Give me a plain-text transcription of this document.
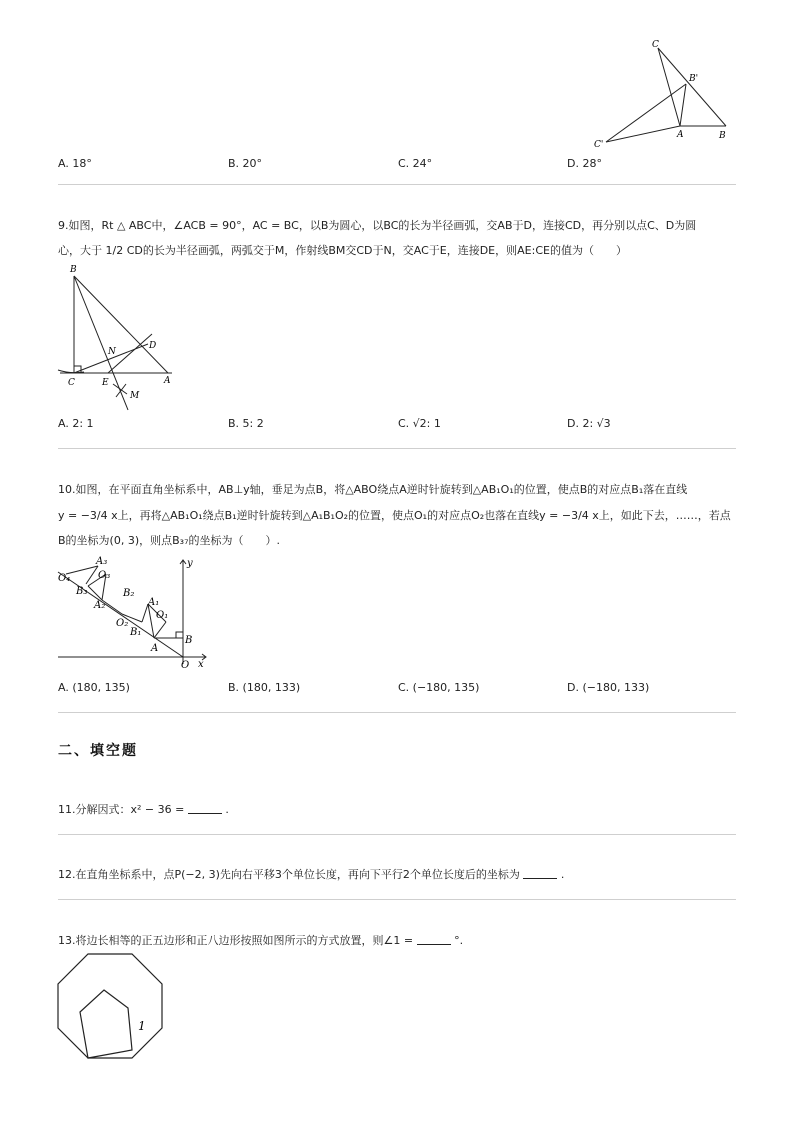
C
B'
C'
A	B
A. 18°	B. 20°	C. 24°	D. 28°
9.如图，Rt △ ABC中，∠ACB = 90°，AC = BC，以B为圆心，以BC的长为半径画弧，交AB于D，连接CD，再分别以点C、D为圆
心，大于 1/2 CD的长为半径画弧，两弧交于M，作射线BM交CD于N，交AC于E，连接DE，则AE:CE的值为（　　）
B
N
D
C	E	A
M
A. 2: 1	B. 5: 2	C. √2: 1	D. 2: √3
10.如图，在平面直角坐标系中，AB⊥y轴，垂足为点B，将△ABO绕点A逆时针旋转到△AB₁O₁的位置，使点B的对应点B₁落在直线
y = −3/4 x上，再将△AB₁O₁绕点B₁逆时针旋转到△A₁B₁O₂的位置，使点O₁的对应点O₂也落在直线y = −3/4 x上，如此下去，……，若点
B的坐标为(0, 3)，则点B₃₇的坐标为（　　）.
y
x
O
B
A
B₁
O₁
A₁
O₂
B₂
A₂
B₃
O₃
A₃
O₄
A. (180, 135)	B. (180, 133)	C. (−180, 135)	D. (−180, 133)
二、填空题
11.分解因式：x² − 36 =	.
12.在直角坐标系中，点P(−2, 3)先向右平移3个单位长度，再向下平行2个单位长度后的坐标为	.
13.将边长相等的正五边形和正八边形按照如图所示的方式放置，则∠1 =	°.
1
